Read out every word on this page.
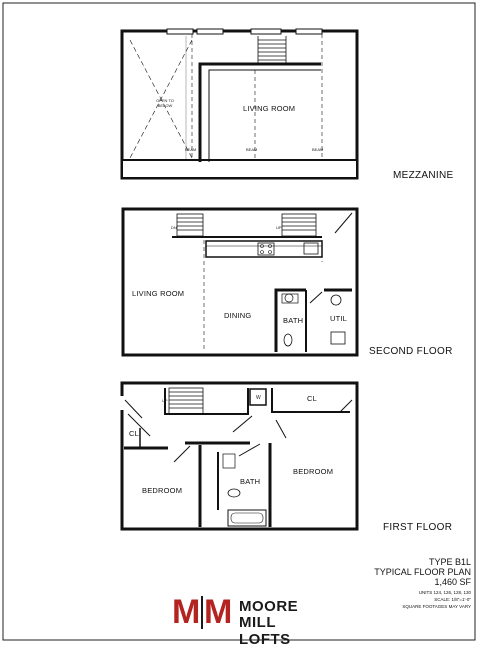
LIVING ROOM
OPEN TO BELOW
BEAM	BEAM	BEAM
MEZZANINE
DN	UP
LIVING ROOM
DINING
BATH	UTIL
SECOND FLOOR
UP	W	CL
CL
BEDROOM
BATH
BEDROOM
FIRST FLOOR
TYPE B1L
TYPICAL FLOOR PLAN
1,460 SF
UNITS 124, 126, 128, 130
SCALE: 1/8"=1'-0"
SQUARE FOOTAGES MAY VARY
M M MOORE
MILL LOFTS
